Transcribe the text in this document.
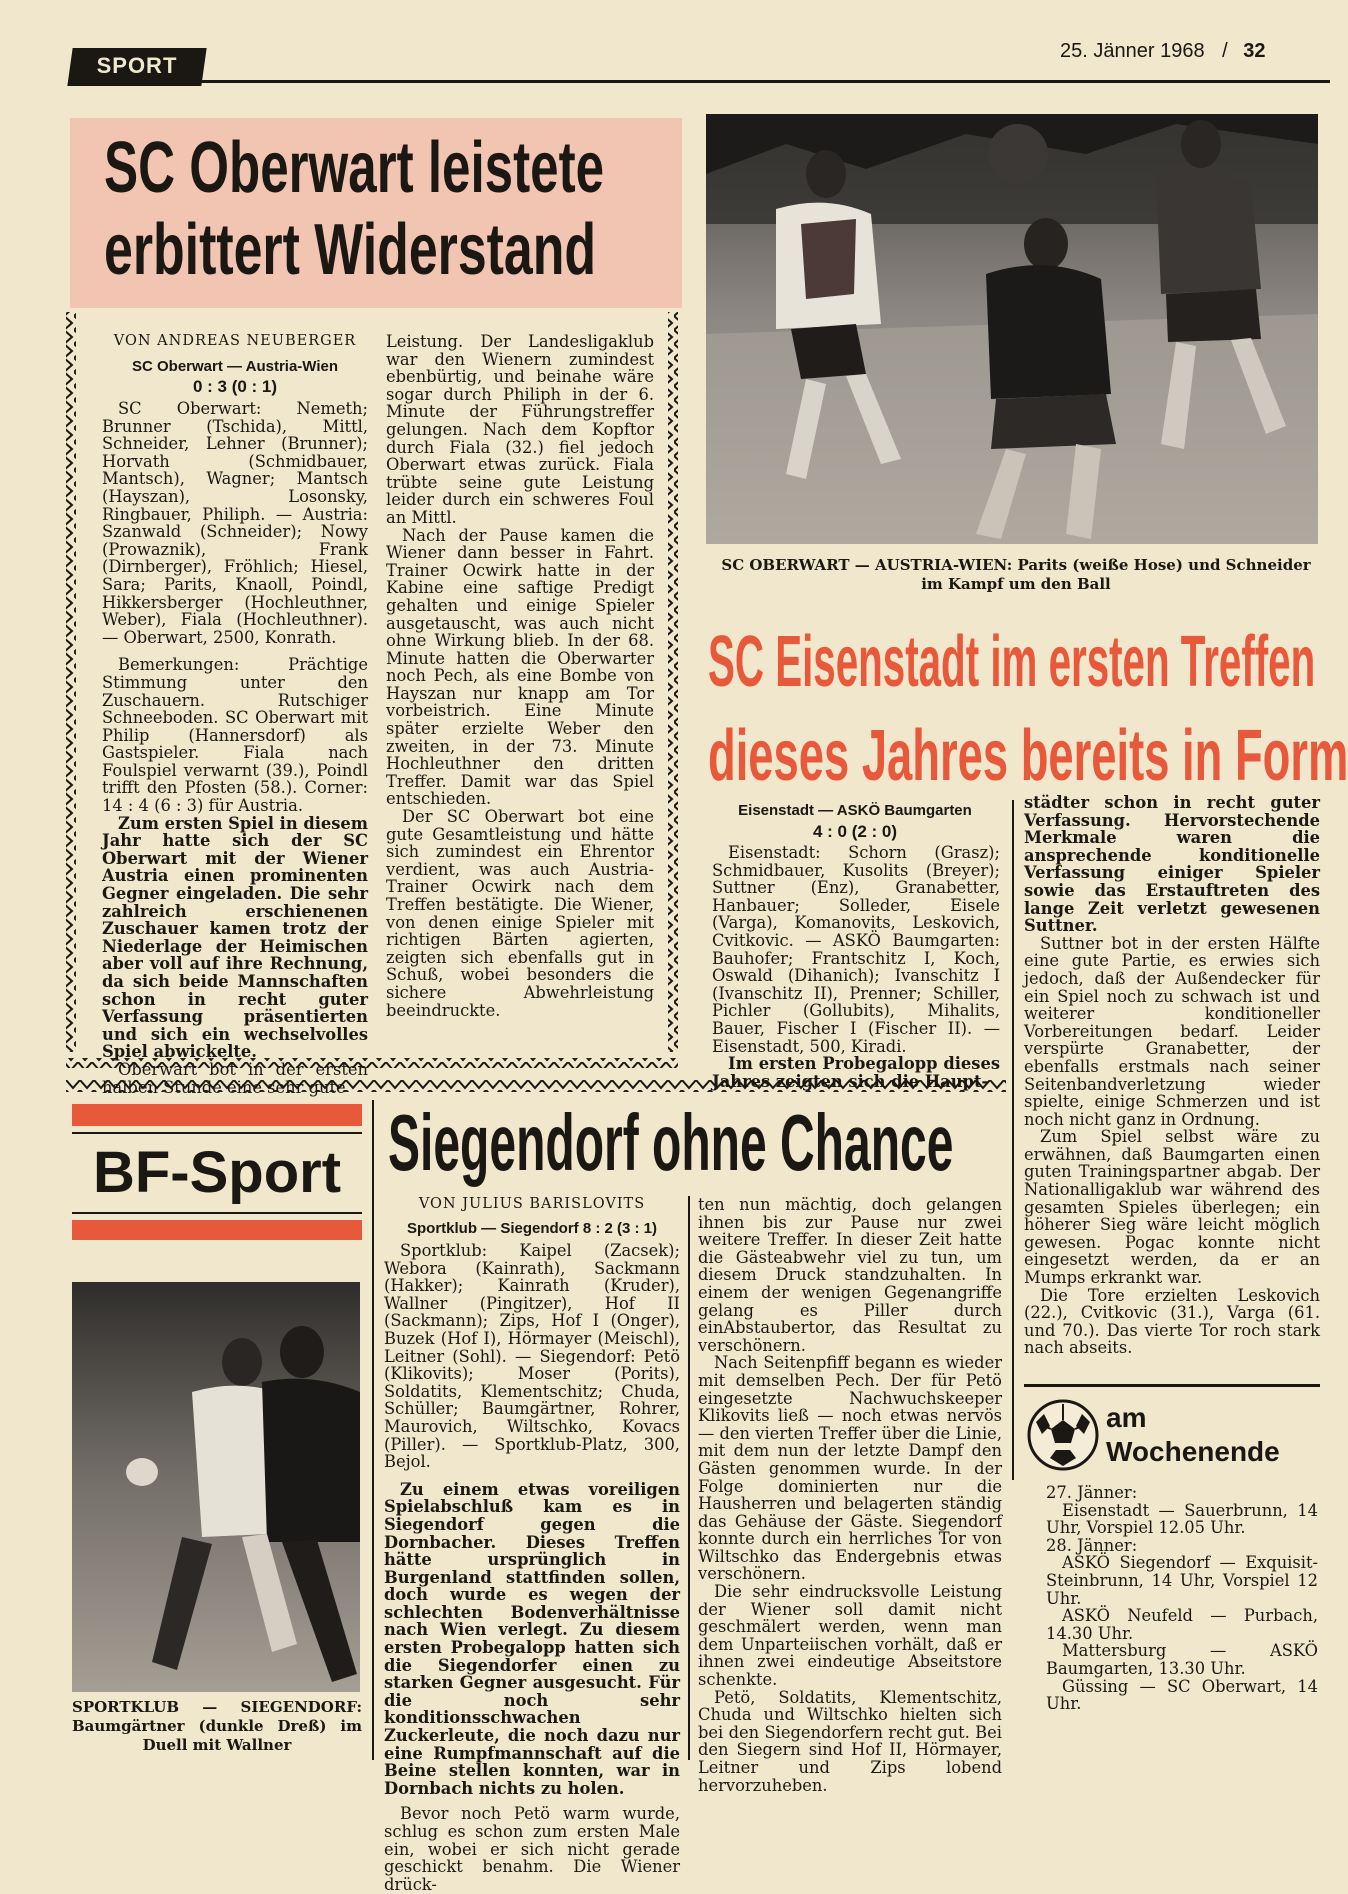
SPORT
25. Jänner 1968 / 32
SC Oberwart leistete
erbittert Widerstand
VON ANDREAS NEUBERGER
SC Oberwart — Austria-Wien
0 : 3 (0 : 1)

SC Oberwart: Nemeth; Brunner (Tschida), Mittl, Schneider, Lehner (Brunner); Horvath (Schmidbauer, Mantsch), Wagner; Mantsch (Hayszan), Losonsky, Ringbauer, Philiph. — Austria: Szanwald (Schneider); Nowy (Prowaznik), Frank (Dirnberger), Fröhlich; Hiesel, Sara; Parits, Knaoll, Poindl, Hikkersberger (Hochleuthner, Weber), Fiala (Hochleuthner). — Oberwart, 2500, Konrath.

Bemerkungen: Prächtige Stimmung unter den Zuschauern. Rutschiger Schneeboden. SC Oberwart mit Philip (Hannersdorf) als Gastspieler. Fiala nach Foulspiel verwarnt (39.), Poindl trifft den Pfosten (58.). Corner: 14 : 4 (6 : 3) für Austria.

Zum ersten Spiel in diesem Jahr hatte sich der SC Oberwart mit der Wiener Austria einen prominenten Gegner eingeladen. Die sehr zahlreich erschienenen Zuschauer kamen trotz der Niederlage der Heimischen aber voll auf ihre Rechnung, da sich beide Mannschaften schon in recht guter Verfassung präsentierten und sich ein wechselvolles Spiel abwickelte.

Oberwart bot in der ersten

Leistung. Der Landesligaklub war den Wienern zumindest ebenbürtig, und beinahe wäre sogar durch Philiph in der 6. Minute der Führungstreffer gelungen. Nach dem Kopftor durch Fiala (32.) fiel jedoch Oberwart etwas zurück. Fiala trübte seine gute Leistung leider durch ein schweres Foul an Mittl.

Nach der Pause kamen die Wiener dann besser in Fahrt. Trainer Ocwirk hatte in der Kabine eine saftige Predigt gehalten und einige Spieler ausgetauscht, was auch nicht ohne Wirkung blieb. In der 68. Minute hatten die Oberwarter noch Pech, als eine Bombe von Hayszan nur knapp am Tor vorbeistrich. Eine Minute später erzielte Weber den zweiten, in der 73. Minute Hochleuthner den dritten Treffer. Damit war das Spiel entschieden.

Der SC Oberwart bot eine gute Gesamtleistung und hätte sich zumindest ein Ehrentor verdient, was auch Austria-Trainer Ocwirk nach dem Treffen bestätigte. Die Wiener, von denen einige Spieler mit richtigen Bärten agierten, zeigten sich ebenfalls gut in Schuß, wobei besonders die sichere Abwehrleistung beeindruckte.

SC OBERWART — AUSTRIA-WIEN: Parits (weiße Hose) und Schneider im Kampf um den Ball
SC Eisenstadt im ersten Treffen
dieses Jahres bereits in Form
Eisenstadt — ASKÖ Baumgarten
4 : 0 (2 : 0)

Eisenstadt: Schorn (Grasz); Schmidbauer, Kusolits (Breyer); Suttner (Enz), Granabetter, Hanbauer; Solleder, Eisele (Varga), Komanovits, Leskovich, Cvitkovic. — ASKÖ Baumgarten: Bauhofer; Frantschitz I, Koch, Oswald (Dihanich); Ivanschitz I (Ivanschitz II), Prenner; Schiller, Pichler (Gollubits), Mihalits, Bauer, Fischer I (Fischer II). — Eisenstadt, 500, Kiradi.

Im ersten Probegalopp dieses

städter schon in recht guter Verfassung. Hervorstechende Merkmale waren die ansprechende konditionelle Verfassung einiger Spieler sowie das Erstauftreten des lange Zeit verletzt gewesenen Suttner.

Suttner bot in der ersten Hälfte eine gute Partie, es erwies sich jedoch, daß der Außendecker für ein Spiel noch zu schwach ist und weiterer konditioneller Vorbereitungen bedarf. Leider verspürte Granabetter, der ebenfalls erstmals nach seiner Seitenbandverletzung wieder spielte, einige Schmerzen und ist noch nicht ganz in Ordnung.

Zum Spiel selbst wäre zu erwähnen, daß Baumgarten einen guten Trainingspartner abgab. Der Nationalligaklub war während des gesamten Spieles überlegen; ein höherer Sieg wäre leicht möglich gewesen. Pogac konnte nicht eingesetzt werden, da er an Mumps erkrankt war.

Die Tore erzielten Leskovich (22.), Cvitkovic (31.), Varga (61. und 70.). Das vierte Tor roch stark nach abseits.

BF-Sport
SPORTKLUB — SIEGENDORF: Baumgärtner (dunkle Dreß) im Duell mit Wallner
Siegendorf ohne Chance
VON JULIUS BARISLOVITS
Sportklub — Siegendorf 8 : 2 (3 : 1)

Sportklub: Kaipel (Zacsek); Webora (Kainrath), Sackmann (Hakker); Kainrath (Kruder), Wallner (Pingitzer), Hof II (Sackmann); Zips, Hof I (Onger), Buzek (Hof I), Hörmayer (Meischl), Leitner (Sohl). — Siegendorf: Petö (Klikovits); Moser (Porits), Soldatits, Klementschitz; Chuda, Schüller; Baumgärtner, Rohrer, Maurovich, Wiltschko, Kovacs (Piller). — Sportklub-Platz, 300, Bejol.

Zu einem etwas voreiligen Spielabschluß kam es in Siegendorf gegen die Dornbacher. Dieses Treffen hätte ursprünglich in Burgenland stattfinden sollen, doch wurde es wegen der schlechten Bodenverhältnisse nach Wien verlegt. Zu diesem ersten Probegalopp hatten sich die Siegendorfer einen zu starken Gegner ausgesucht. Für die noch sehr konditionsschwachen Zuckerleute, die noch dazu nur eine Rumpfmannschaft auf die Beine stellen konnten, war in Dornbach nichts zu holen.

Bevor noch Petö warm wurde, schlug es schon zum ersten Male ein, wobei er sich nicht gerade geschickt benahm. Die Wiener drück-

ten nun mächtig, doch gelangen ihnen bis zur Pause nur zwei weitere Treffer. In dieser Zeit hatte die Gästeabwehr viel zu tun, um diesem Druck standzuhalten. In einem der wenigen Gegenangriffe gelang es Piller durch einAbstaubertor, das Resultat zu verschönern.

Nach Seitenpfiff begann es wieder mit demselben Pech. Der für Petö eingesetzte Nachwuchskeeper Klikovits ließ — noch etwas nervös — den vierten Treffer über die Linie, mit dem nun der letzte Dampf den Gästen genommen wurde. In der Folge dominierten nur die Hausherren und belagerten ständig das Gehäuse der Gäste. Siegendorf konnte durch ein herrliches Tor von Wiltschko das Endergebnis etwas verschönern.

Die sehr eindrucksvolle Leistung der Wiener soll damit nicht geschmälert werden, wenn man dem Unparteiischen vorhält, daß er ihnen zwei eindeutige Abseitstore schenkte.

Petö, Soldatits, Klementschitz, Chuda und Wiltschko hielten sich bei den Siegendorfern recht gut. Bei den Siegern sind Hof II, Hörmayer, Leitner und Zips lobend hervorzuheben.

am
Wochenende

27. Jänner:

Eisenstadt — Sauerbrunn, 14 Uhr, Vorspiel 12.05 Uhr.

28. Jänner:

ASKÖ Siegendorf — Exquisit-Steinbrunn, 14 Uhr, Vorspiel 12 Uhr.

ASKÖ Neufeld — Purbach, 14.30 Uhr.

Mattersburg — ASKÖ Baumgarten, 13.30 Uhr.

Güssing — SC Oberwart, 14 Uhr.
